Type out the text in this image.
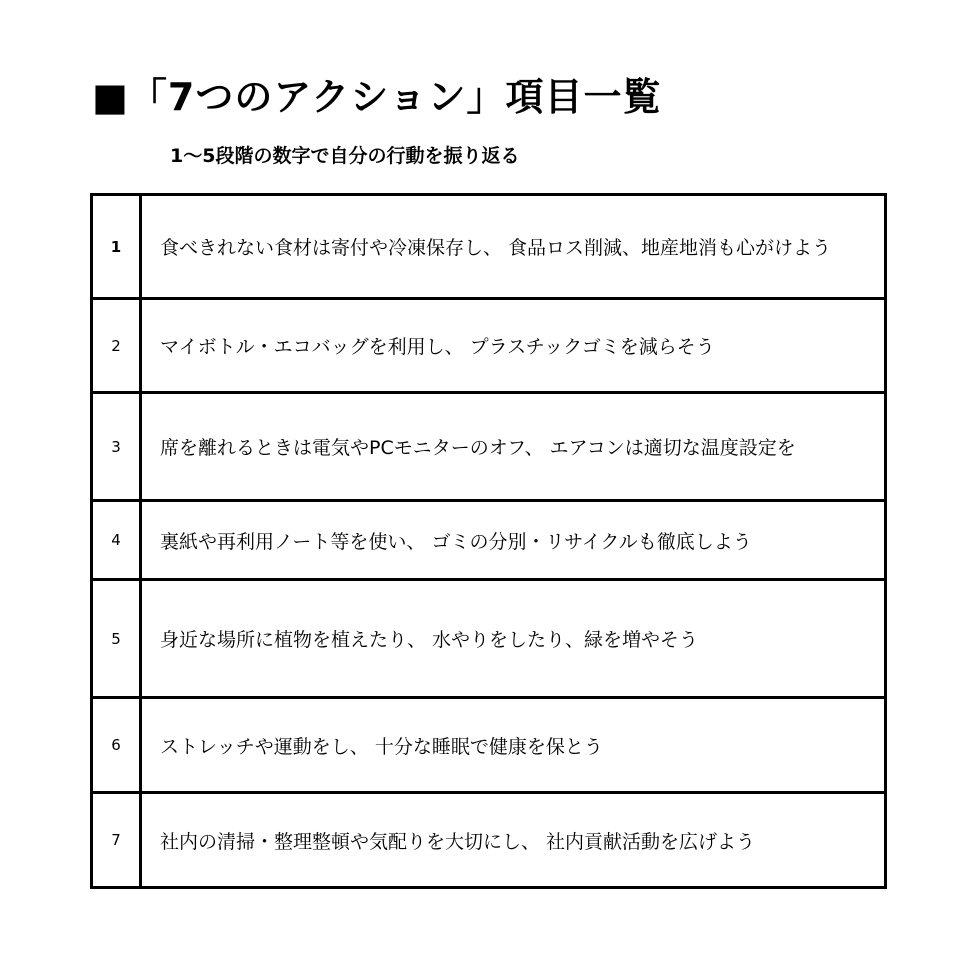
■「7つのアクション」項目一覧
1〜5段階の数字で自分の行動を振り返る
1	食べきれない食材は寄付や冷凍保存し、 食品ロス削減、地産地消も心がけよう
2	マイボトル・エコバッグを利用し、 プラスチックゴミを減らそう
3	席を離れるときは電気やPCモニターのオフ、 エアコンは適切な温度設定を
4	裏紙や再利用ノート等を使い、 ゴミの分別・リサイクルも徹底しよう
5	身近な場所に植物を植えたり、 水やりをしたり、緑を増やそう
6	ストレッチや運動をし、 十分な睡眠で健康を保とう
7	社内の清掃・整理整頓や気配りを大切にし、 社内貢献活動を広げよう
